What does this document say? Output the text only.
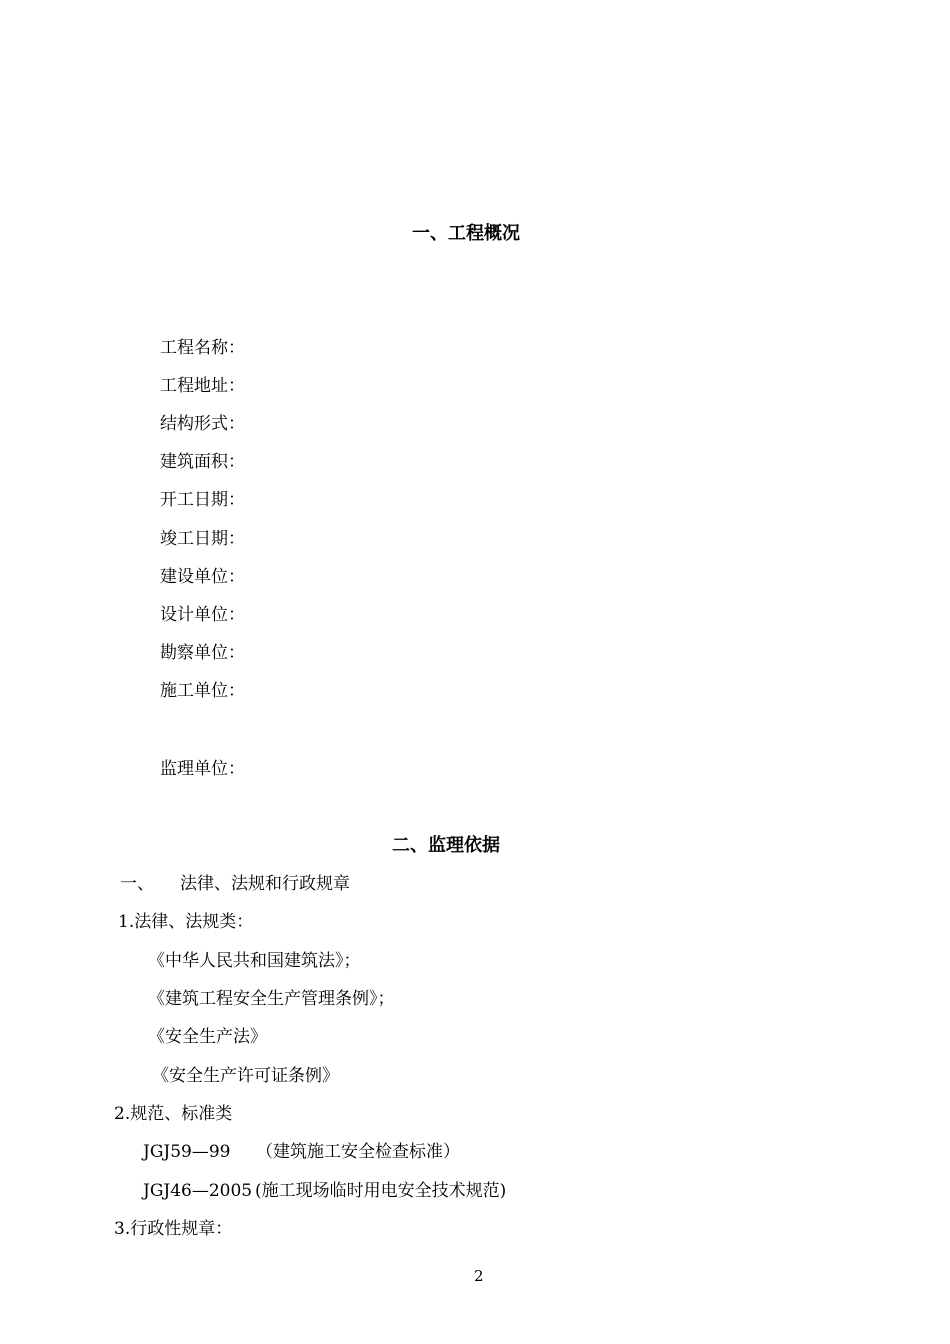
一、工程概况
工程名称：
工程地址：
结构形式：
建筑面积：
开工日期：
竣工日期：
建设单位：
设计单位：
勘察单位：
施工单位：
监理单位：
二、监理依据
一、 法律、法规和行政规章
1.法律、法规类：
《中华人民共和国建筑法》；
《建筑工程安全生产管理条例》；
《安全生产法》
《安全生产许可证条例》
2.规范、标准类
JGJ59—99 （建筑施工安全检查标准）
JGJ46—2005 (施工现场临时用电安全技术规范)
3.行政性规章：
2
